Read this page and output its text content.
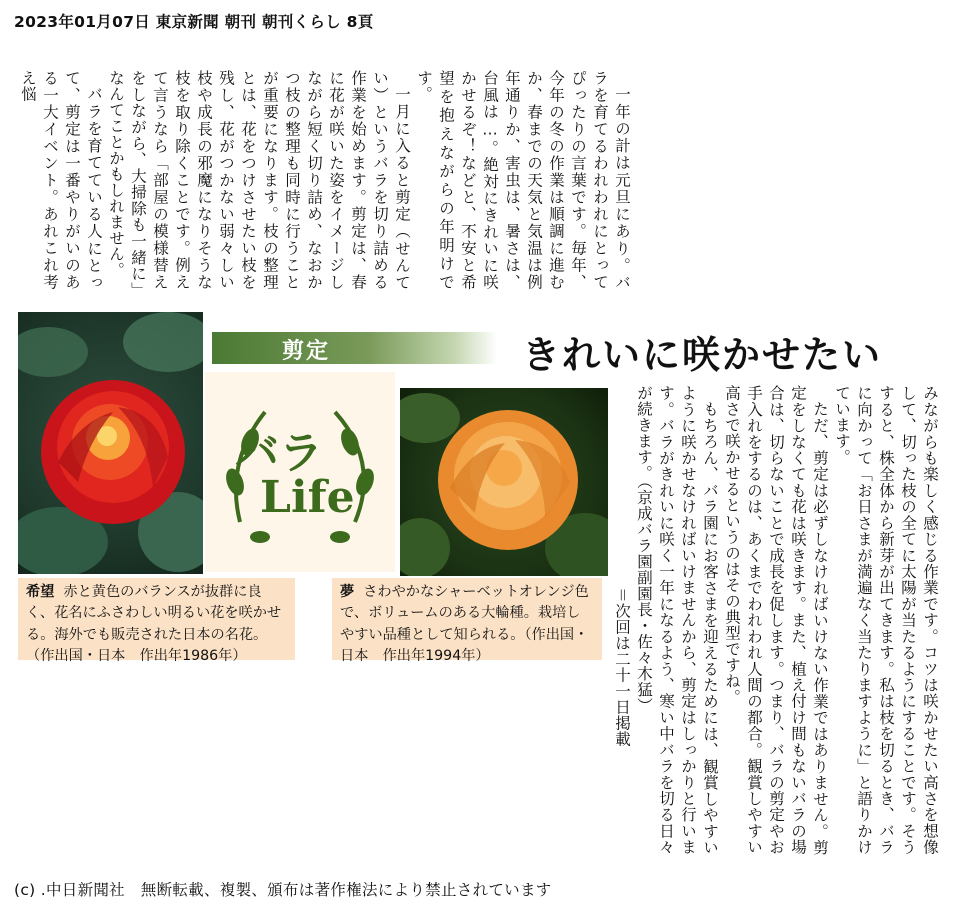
2023年01月07日 東京新聞 朝刊 朝刊くらし 8頁

一年の計は元旦にあり。バラを育てるわれわれにとってぴったりの言葉です。毎年、今年の冬の作業は順調に進むか、春までの天気と気温は例年通りか、害虫は、暑さは、台風は…。絶対にきれいに咲かせるぞ！などと、不安と希望を抱えながらの年明けです。

一月に入ると剪定（せんてい）というバラを切り詰める作業を始めます。剪定は、春に花が咲いた姿をイメージしながら短く切り詰め、なおかつ枝の整理も同時に行うことが重要になります。枝の整理とは、花をつけさせたい枝を残し、花がつかない弱々しい枝や成長の邪魔になりそうな枝を取り除くことです。例えて言うなら「部屋の模様替えをしながら、大掃除も一緒に」なんてことかもしれません。

バラを育てている人にとって、剪定は一番やりがいのある一大イベント。あれこれ考え悩

バラ
Life
剪定	きれいに咲かせたい

みながらも楽しく感じる作業です。コツは咲かせたい高さを想像して、切った枝の全てに太陽が当たるようにすることです。そうすると、株全体から新芽が出てきます。私は枝を切るとき、バラに向かって「お日さまが満遍なく当たりますように」と語りかけています。

ただ、剪定は必ずしなければいけない作業ではありません。剪定をしなくても花は咲きます。また、植え付け間もないバラの場合は、切らないことで成長を促します。つまり、バラの剪定やお手入れをするのは、あくまでわれわれ人間の都合。観賞しやすい高さで咲かせるというのはその典型ですね。

もちろん、バラ園にお客さまを迎えるためには、観賞しやすいように咲かせなければいけませんから、剪定はしっかりと行います。バラがきれいに咲く一年になるよう、寒い中バラを切る日々が続きます。（京成バラ園副園長・佐々木猛）

＝次回は二十一日掲載

希望 赤と黄色のバランスが抜群に良く、花名にふさわしい明るい花を咲かせる。海外でも販売された日本の名花。（作出国・日本　作出年1986年）
夢 さわやかなシャーベットオレンジ色で、ボリュームのある大輪種。栽培しやすい品種として知られる。（作出国・日本　作出年1994年）
(c) .中日新聞社　無断転載、複製、頒布は著作権法により禁止されています
